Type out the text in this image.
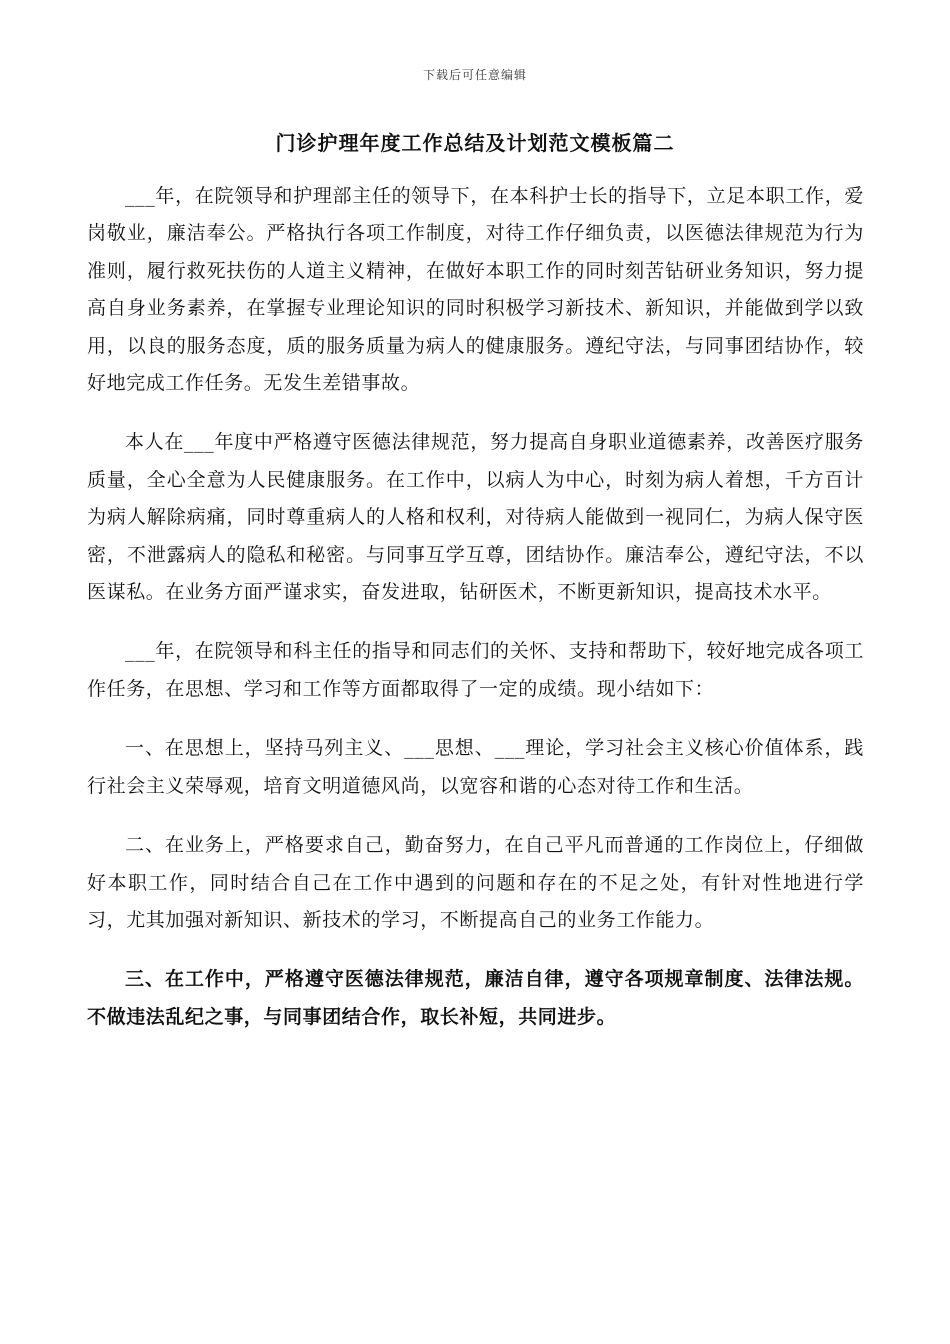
下载后可任意编辑
门诊护理年度工作总结及计划范文模板篇二

___年，在院领导和护理部主任的领导下，在本科护士长的指导下，立足本职工作，爱岗敬业，廉洁奉公。严格执行各项工作制度，对待工作仔细负责，以医德法律规范为行为准则，履行救死扶伤的人道主义精神，在做好本职工作的同时刻苦钻研业务知识，努力提高自身业务素养，在掌握专业理论知识的同时积极学习新技术、新知识，并能做到学以致用，以良的服务态度，质的服务质量为病人的健康服务。遵纪守法，与同事团结协作，较好地完成工作任务。无发生差错事故。

本人在___年度中严格遵守医德法律规范，努力提高自身职业道德素养，改善医疗服务质量，全心全意为人民健康服务。在工作中，以病人为中心，时刻为病人着想，千方百计为病人解除病痛，同时尊重病人的人格和权利，对待病人能做到一视同仁，为病人保守医密，不泄露病人的隐私和秘密。与同事互学互尊，团结协作。廉洁奉公，遵纪守法，不以医谋私。在业务方面严谨求实，奋发进取，钻研医术，不断更新知识，提高技术水平。

___年，在院领导和科主任的指导和同志们的关怀、支持和帮助下，较好地完成各项工作任务，在思想、学习和工作等方面都取得了一定的成绩。现小结如下：

一、在思想上，坚持马列主义、___思想、___理论，学习社会主义核心价值体系，践行社会主义荣辱观，培育文明道德风尚，以宽容和谐的心态对待工作和生活。

二、在业务上，严格要求自己，勤奋努力，在自己平凡而普通的工作岗位上，仔细做好本职工作，同时结合自己在工作中遇到的问题和存在的不足之处，有针对性地进行学习，尤其加强对新知识、新技术的学习，不断提高自己的业务工作能力。

三、在工作中，严格遵守医德法律规范，廉洁自律，遵守各项规章制度、法律法规。不做违法乱纪之事，与同事团结合作，取长补短，共同进步。
